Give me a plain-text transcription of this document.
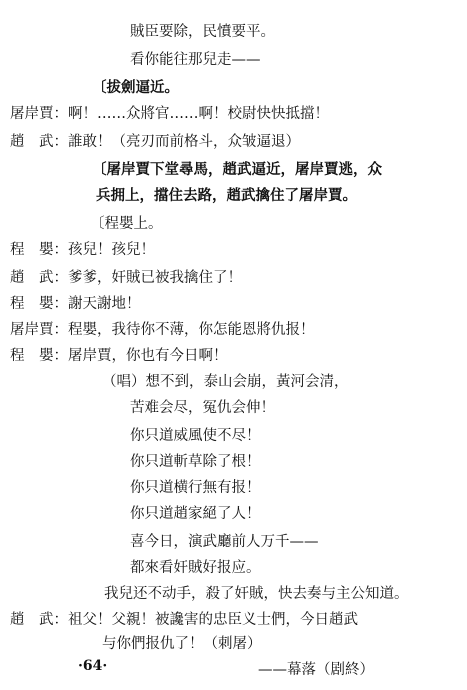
賊臣要除，民憤要平。
看你能往那兒走——
〔拔劍逼近。
屠岸賈：啊！……众將官……啊！校尉快快抵擋！
趙　武：誰敢！（亮刃而前格斗，众皱逼退）
〔屠岸賈下堂尋馬，趙武逼近，屠岸賈逃，众
兵拥上，擋住去路，趙武擒住了屠岸賈。
〔程嬰上。
程　嬰：孩兒！孩兒！
趙　武：爹爹，奸賊已被我擒住了！
程　嬰：謝天謝地！
屠岸賈：程嬰，我待你不薄，你怎能恩將仇报！
程　嬰：屠岸賈，你也有今日啊！
（唱）想不到，泰山会崩，黃河会清，
苦难会尽，冤仇会伸！
你只道威風使不尽！
你只道斬草除了根！
你只道横行無有报！
你只道趙家絕了人！
喜今日，演武廳前人万千——
都來看奸賊好报应。
我兒还不动手，殺了奸賊，快去奏与主公知道。
趙　武：祖父！父親！被讒害的忠臣义士們，今日趙武
与你們报仇了！（刺屠）
——幕落（剧終）
·64·
